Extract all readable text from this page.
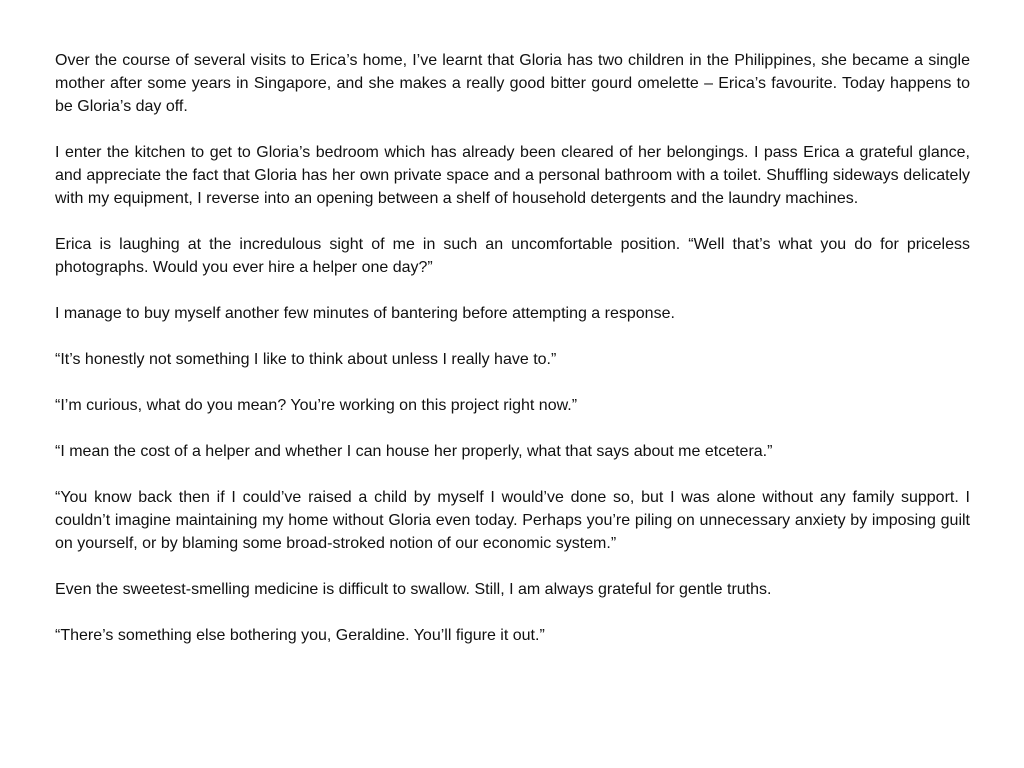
Over the course of several visits to Erica’s home, I’ve learnt that Gloria has two children in the Philippines, she became a single mother after some years in Singapore, and she makes a really good bitter gourd omelette – Erica’s favourite. Today happens to be Gloria’s day off.

I enter the kitchen to get to Gloria’s bedroom which has already been cleared of her belongings. I pass Erica a grateful glance, and appreciate the fact that Gloria has her own private space and a personal bathroom with a toilet. Shuffling sideways delicately with my equipment, I reverse into an opening between a shelf of household detergents and the laundry machines.

Erica is laughing at the incredulous sight of me in such an uncomfortable position. “Well that’s what you do for priceless photographs. Would you ever hire a helper one day?”

I manage to buy myself another few minutes of bantering before attempting a response.

“It’s honestly not something I like to think about unless I really have to.”

“I’m curious, what do you mean? You’re working on this project right now.”

“I mean the cost of a helper and whether I can house her properly, what that says about me etcetera.”

“You know back then if I could’ve raised a child by myself I would’ve done so, but I was alone without any family support. I couldn’t imagine maintaining my home without Gloria even today. Perhaps you’re piling on unnecessary anxiety by imposing guilt on yourself, or by blaming some broad-stroked notion of our economic system.”

Even the sweetest-smelling medicine is difficult to swallow. Still, I am always grateful for gentle truths.

“There’s something else bothering you, Geraldine. You’ll figure it out.”
